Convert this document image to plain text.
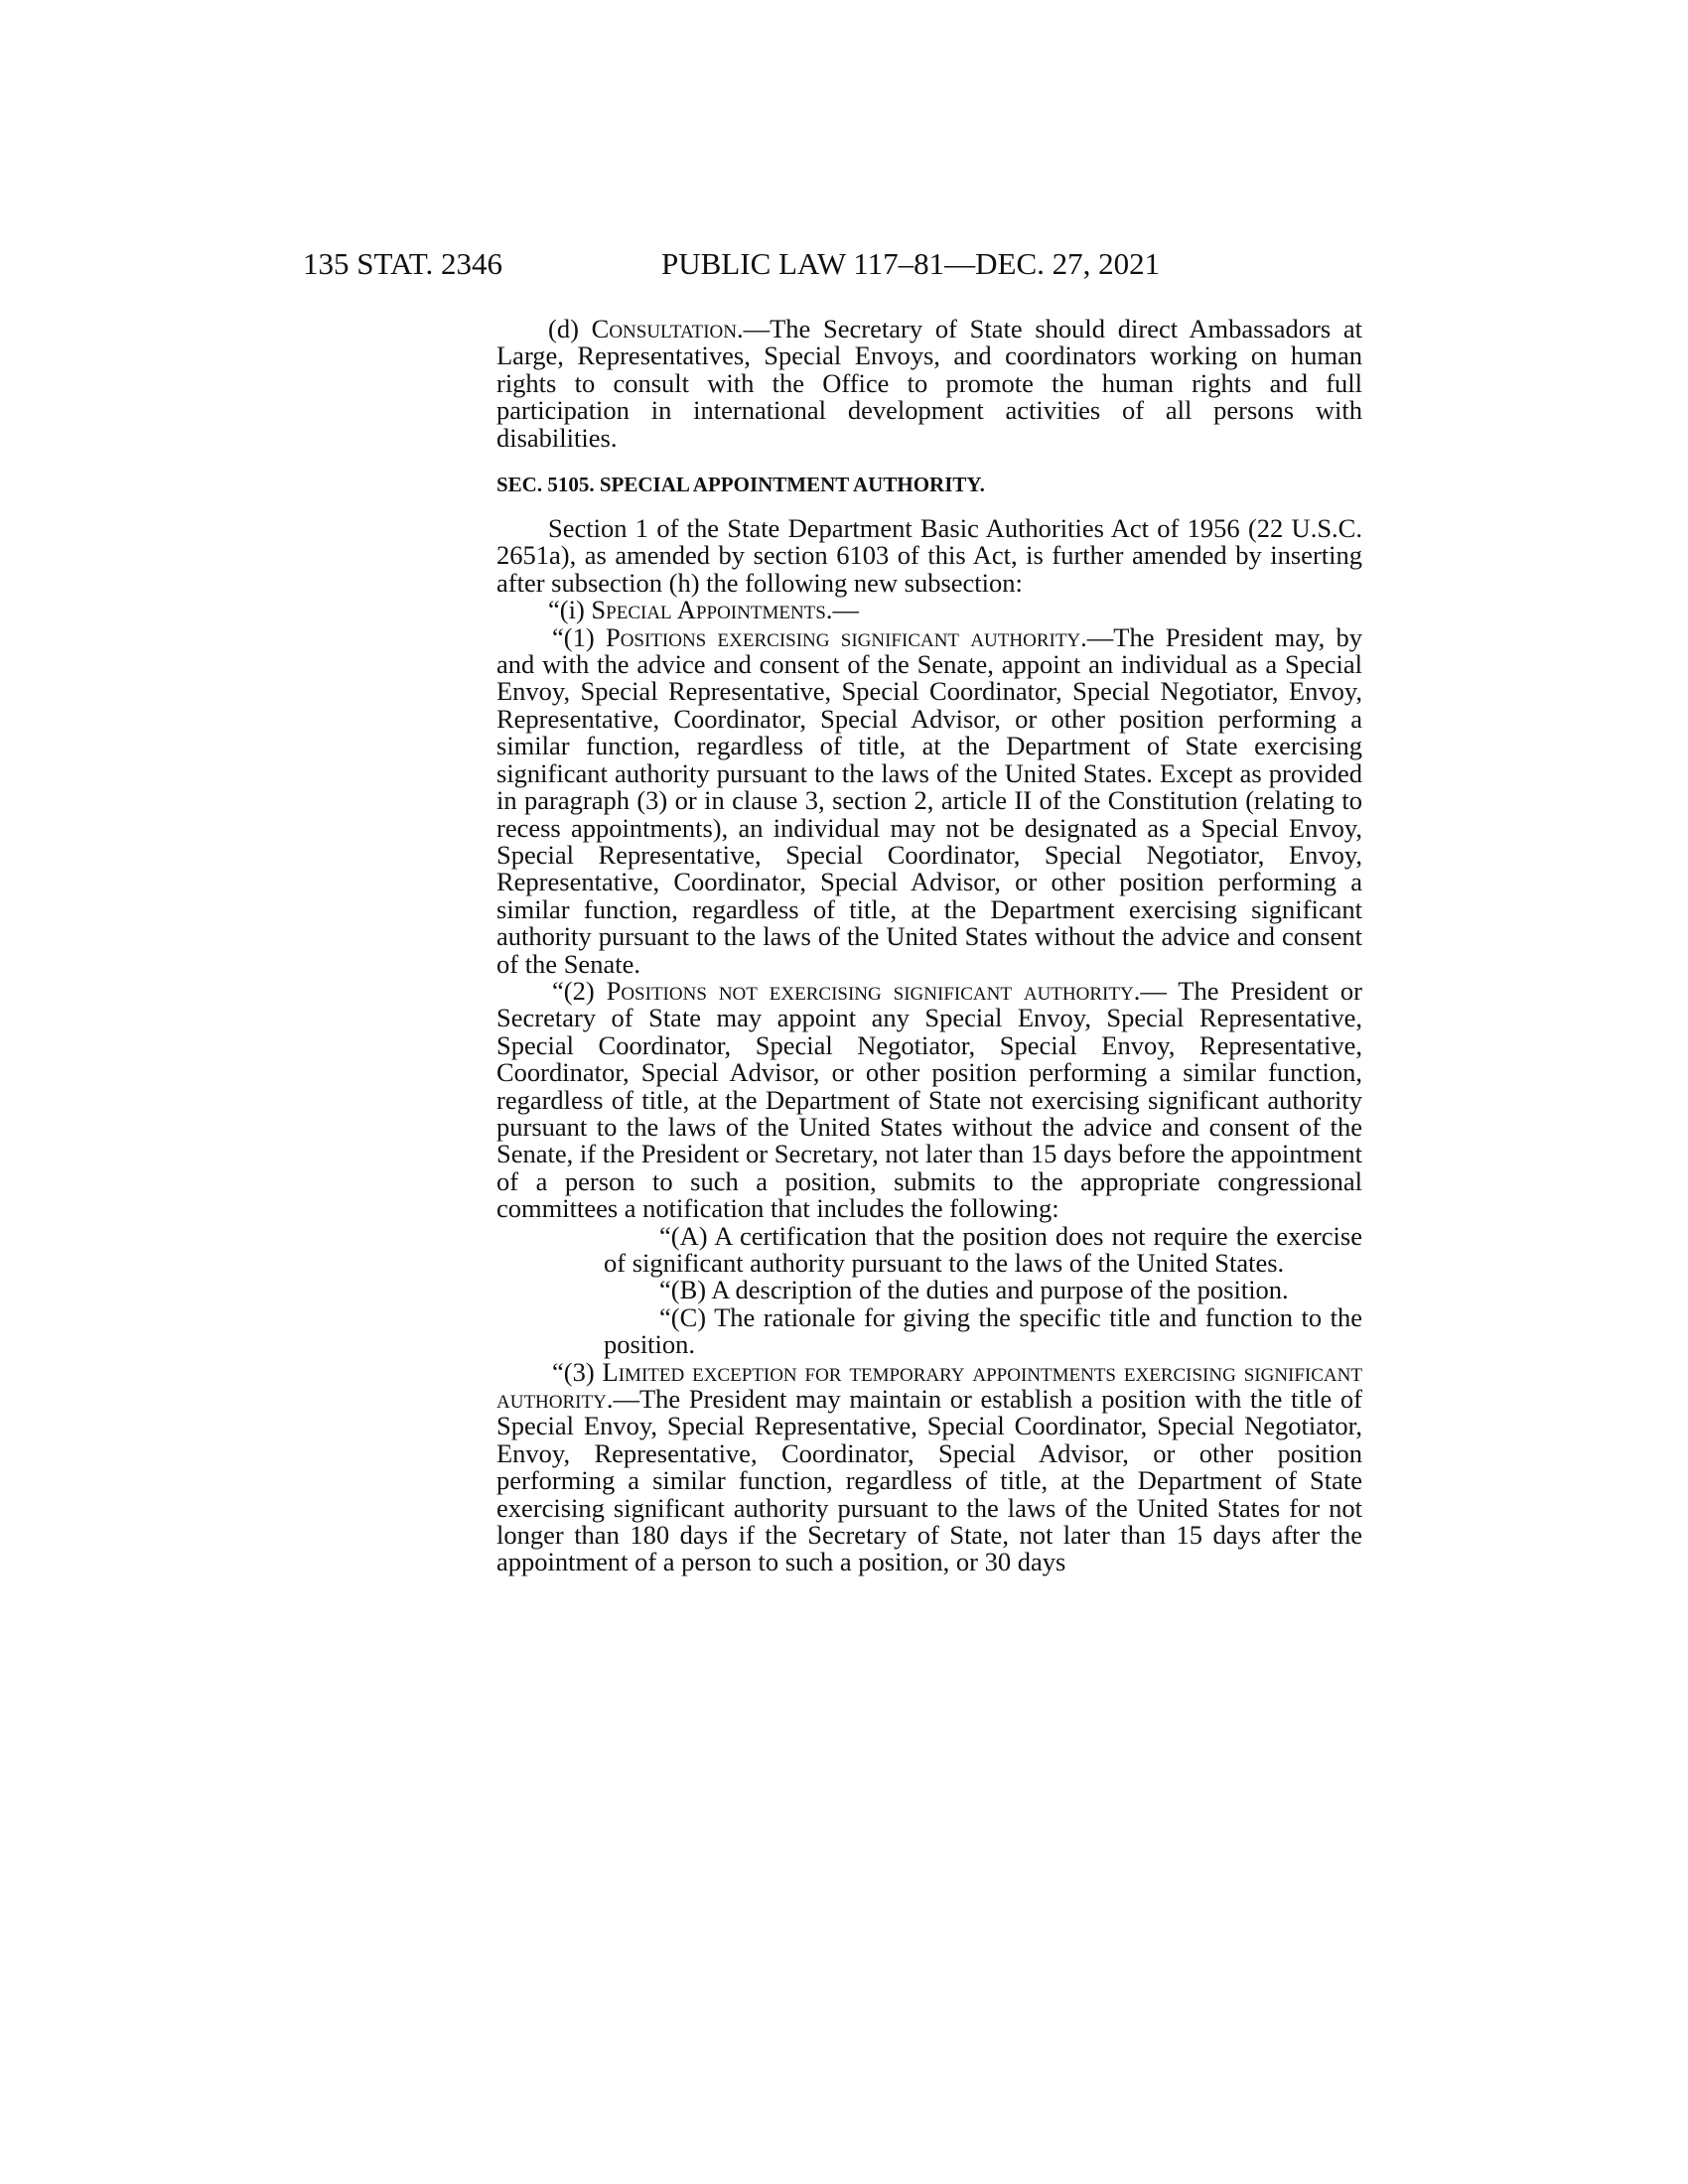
135 STAT. 2346	PUBLIC LAW 117–81—DEC. 27, 2021

(d) Consultation.—The Secretary of State should direct Ambassadors at Large, Representatives, Special Envoys, and coordinators working on human rights to consult with the Office to promote the human rights and full participation in international development activities of all persons with disabilities.

SEC. 5105. SPECIAL APPOINTMENT AUTHORITY.

Section 1 of the State Department Basic Authorities Act of 1956 (22 U.S.C. 2651a), as amended by section 6103 of this Act, is further amended by inserting after subsection (h) the following new subsection:

“(i) Special Appointments.—

“(1) Positions exercising significant authority.—The President may, by and with the advice and consent of the Senate, appoint an individual as a Special Envoy, Special Representative, Special Coordinator, Special Negotiator, Envoy, Representative, Coordinator, Special Advisor, or other position performing a similar function, regardless of title, at the Department of State exercising significant authority pursuant to the laws of the United States. Except as provided in paragraph (3) or in clause 3, section 2, article II of the Constitution (relating to recess appointments), an individual may not be designated as a Special Envoy, Special Representative, Special Coordinator, Special Negotiator, Envoy, Representative, Coordinator, Special Advisor, or other position performing a similar function, regardless of title, at the Department exercising significant authority pursuant to the laws of the United States without the advice and consent of the Senate.

“(2) Positions not exercising significant authority.— The President or Secretary of State may appoint any Special Envoy, Special Representative, Special Coordinator, Special Negotiator, Special Envoy, Representative, Coordinator, Special Advisor, or other position performing a similar function, regardless of title, at the Department of State not exercising significant authority pursuant to the laws of the United States without the advice and consent of the Senate, if the President or Secretary, not later than 15 days before the appointment of a person to such a position, submits to the appropriate congressional committees a notification that includes the following:

“(A) A certification that the position does not require the exercise of significant authority pursuant to the laws of the United States.

“(B) A description of the duties and purpose of the position.

“(C) The rationale for giving the specific title and function to the position.

“(3) Limited exception for temporary appointments exercising significant authority.—The President may maintain or establish a position with the title of Special Envoy, Special Representative, Special Coordinator, Special Negotiator, Envoy, Representative, Coordinator, Special Advisor, or other position performing a similar function, regardless of title, at the Department of State exercising significant authority pursuant to the laws of the United States for not longer than 180 days if the Secretary of State, not later than 15 days after the appointment of a person to such a position, or 30 days
